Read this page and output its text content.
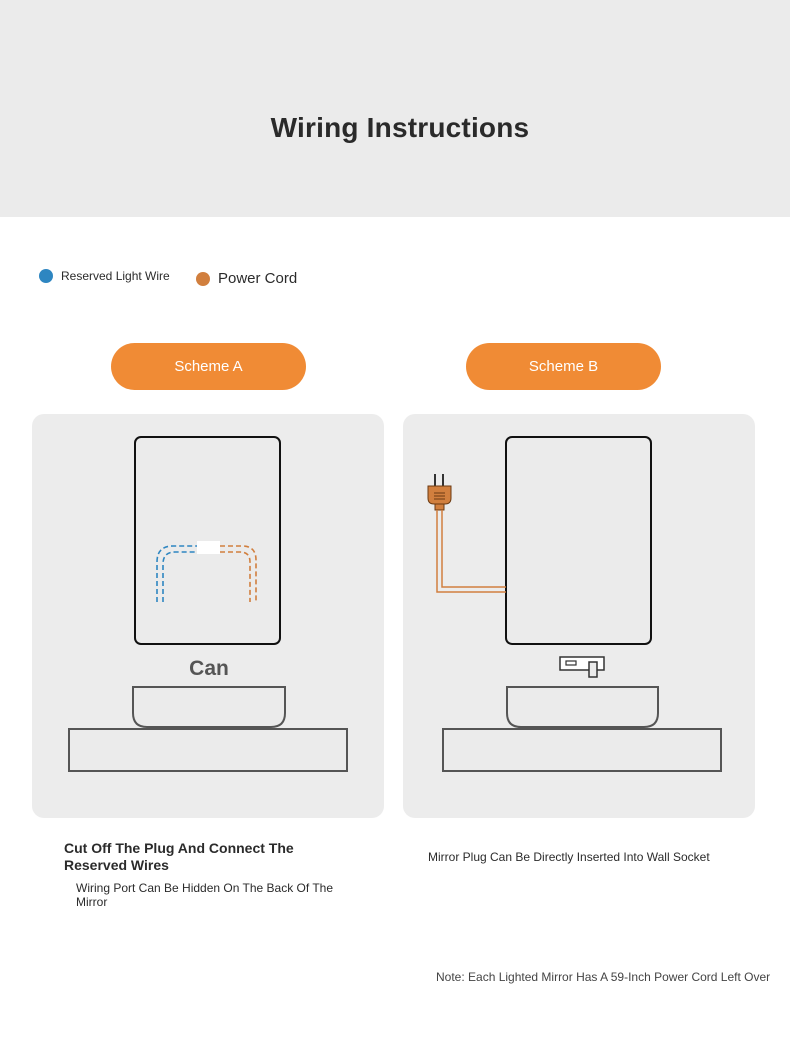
Wiring Instructions
Reserved Light Wire	Power Cord
Scheme A	Scheme B
Can
Cut Off The Plug And Connect The Reserved Wires
Wiring Port Can Be Hidden On The Back Of The Mirror
Mirror Plug Can Be Directly Inserted Into Wall Socket
Note: Each Lighted Mirror Has A 59-Inch Power Cord Left Over
